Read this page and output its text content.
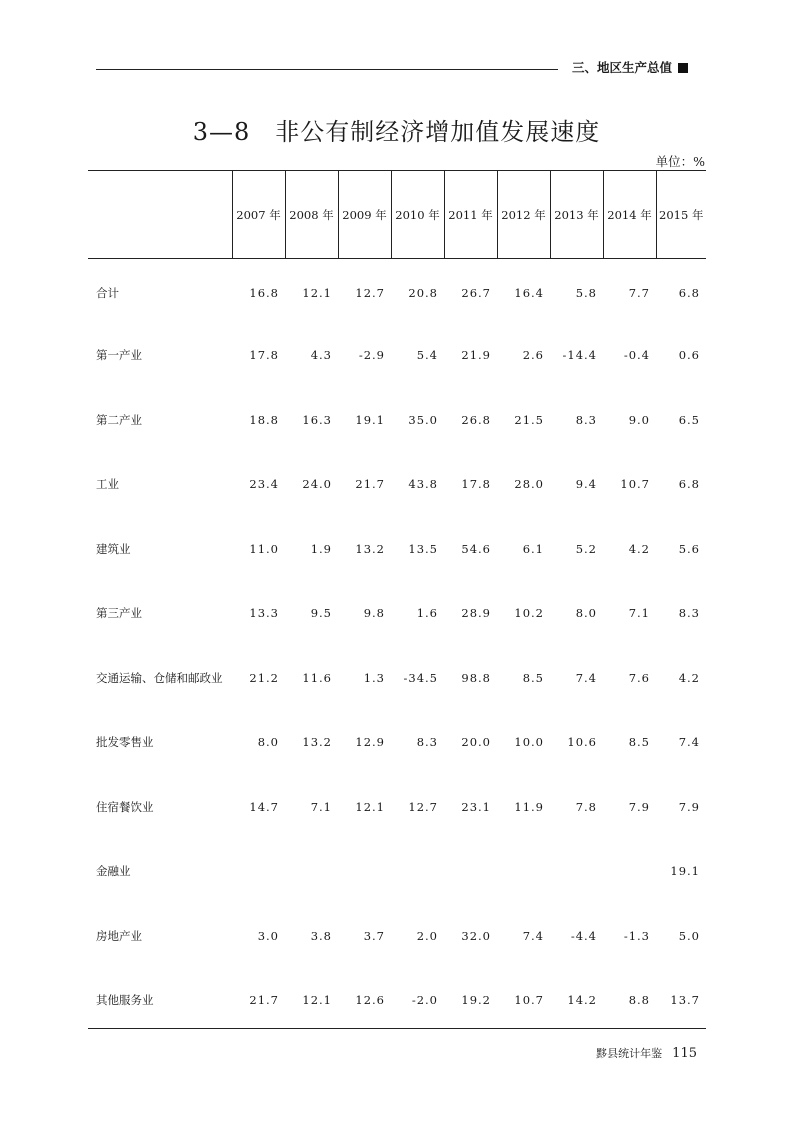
三、地区生产总值
3—8　非公有制经济增加值发展速度
单位：%
	2007 年	2008 年	2009 年	2010 年	2011 年	2012 年	2013 年	2014 年	2015 年
合计	16.8	12.1	12.7	20.8	26.7	16.4	5.8	7.7	6.8
第一产业	17.8	4.3	-2.9	5.4	21.9	2.6	-14.4	-0.4	0.6
第二产业	18.8	16.3	19.1	35.0	26.8	21.5	8.3	9.0	6.5
工业	23.4	24.0	21.7	43.8	17.8	28.0	9.4	10.7	6.8
建筑业	11.0	1.9	13.2	13.5	54.6	6.1	5.2	4.2	5.6
第三产业	13.3	9.5	9.8	1.6	28.9	10.2	8.0	7.1	8.3
交通运输、仓储和邮政业	21.2	11.6	1.3	-34.5	98.8	8.5	7.4	7.6	4.2
批发零售业	8.0	13.2	12.9	8.3	20.0	10.0	10.6	8.5	7.4
住宿餐饮业	14.7	7.1	12.1	12.7	23.1	11.9	7.8	7.9	7.9
金融业									19.1
房地产业	3.0	3.8	3.7	2.0	32.0	7.4	-4.4	-1.3	5.0
其他服务业	21.7	12.1	12.6	-2.0	19.2	10.7	14.2	8.8	13.7
黟县统计年鉴 115
